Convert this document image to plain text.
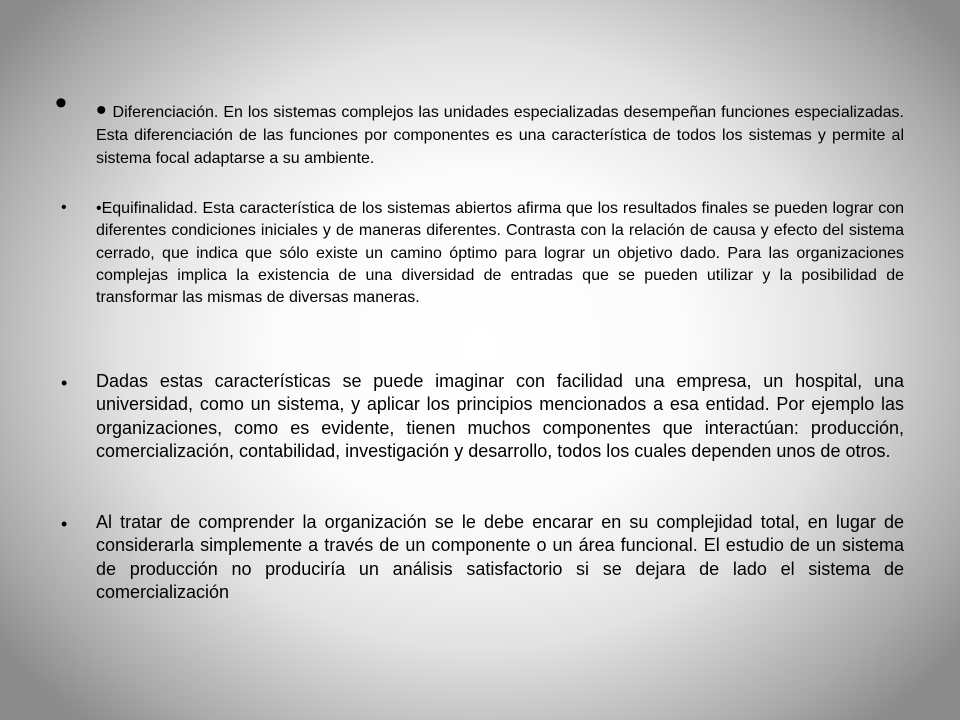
• • Diferenciación. En los sistemas complejos las unidades especializadas desempeñan funciones especializadas. Esta diferenciación de las funciones por componentes es una característica de todos los sistemas y permite al sistema focal adaptarse a su ambiente.

• •Equifinalidad. Esta característica de los sistemas abiertos afirma que los resultados finales se pueden lograr con diferentes condiciones iniciales y de maneras diferentes. Contrasta con la relación de causa y efecto del sistema cerrado, que indica que sólo existe un camino óptimo para lograr un objetivo dado. Para las organizaciones complejas implica la existencia de una diversidad de entradas que se pueden utilizar y la posibilidad de transformar las mismas de diversas maneras.

• Dadas estas características se puede imaginar con facilidad una empresa, un hospital, una universidad, como un sistema, y aplicar los principios mencionados a esa entidad. Por ejemplo las organizaciones, como es evidente, tienen muchos componentes que interactúan: producción, comercialización, contabilidad, investigación y desarrollo, todos los cuales dependen unos de otros.

• Al tratar de comprender la organización se le debe encarar en su complejidad total, en lugar de considerarla simplemente a través de un componente o un área funcional. El estudio de un sistema de producción no produciría un análisis satisfactorio si se dejara de lado el sistema de comercialización
